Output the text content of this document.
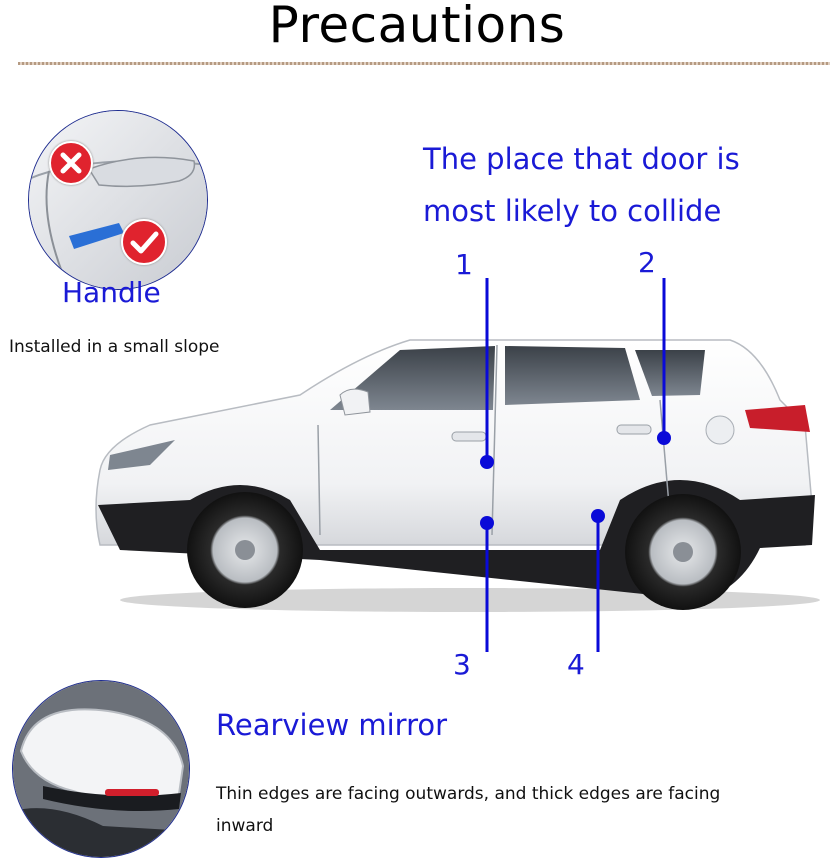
Precautions
Handle
Installed in a small slope
The place that door is
most likely to collide
1	2
3	4
Rearview mirror
Thin edges are facing outwards, and thick edges are facing
inward
